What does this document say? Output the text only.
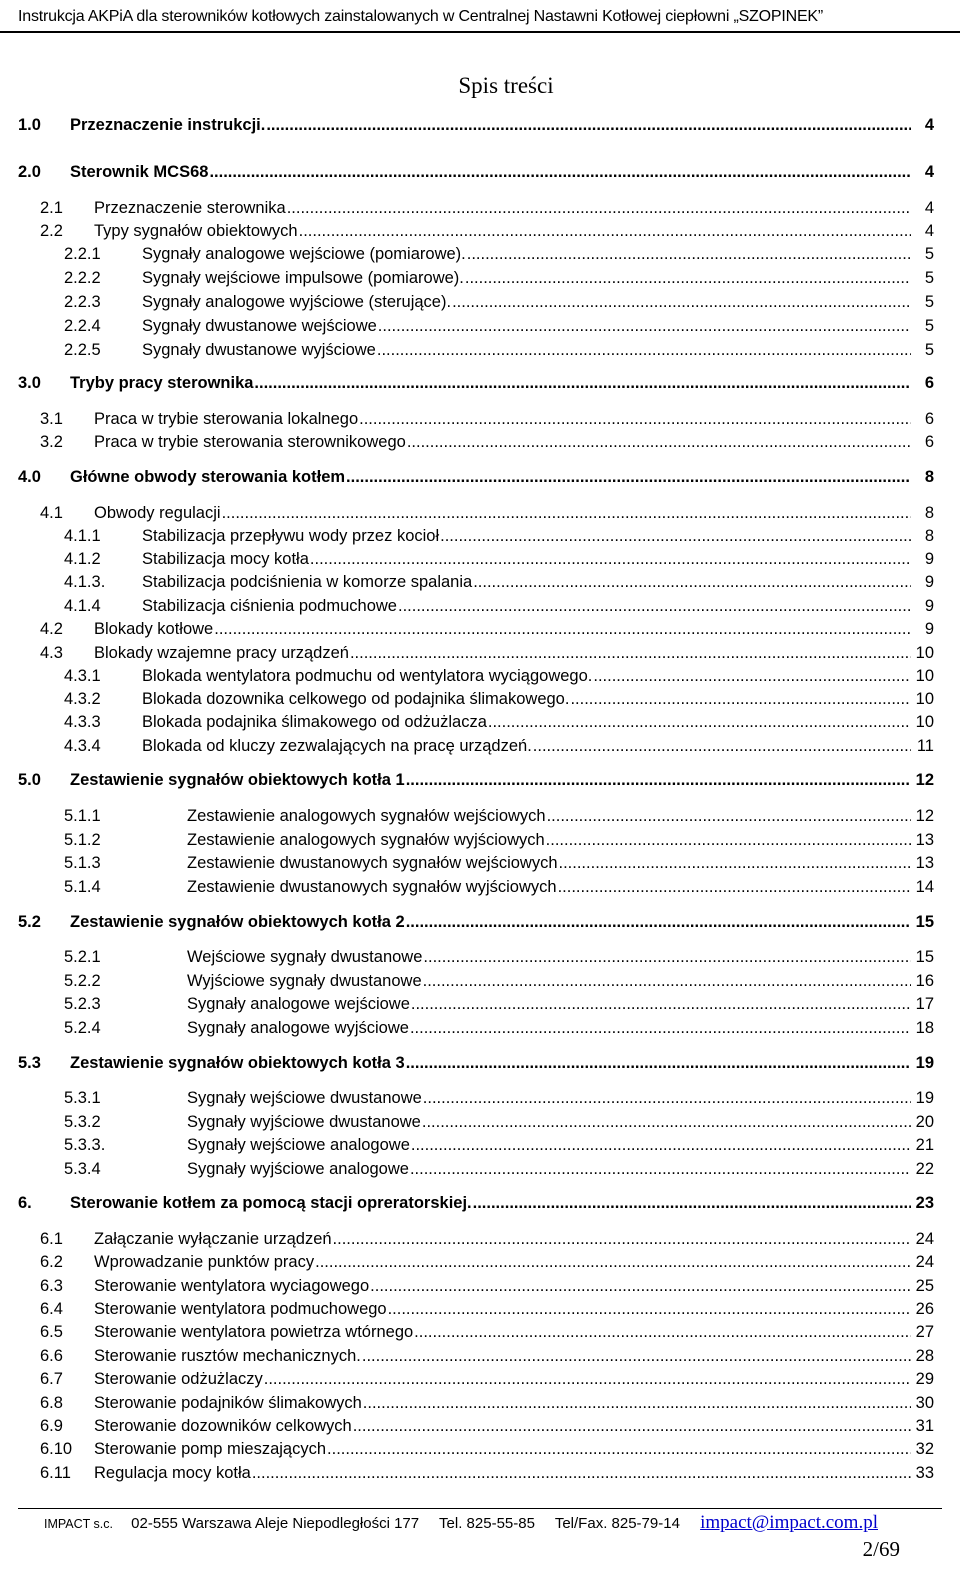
Instrukcja AKPiA dla sterowników kotłowych zainstalowanych w Centralnej Nastawni Kotłowej ciepłowni „SZOPINEK”
Spis treści
1.0	Przeznaczenie instrukcji. .....	4
2.0	Sterownik MCS68 .....	4
2.1	Przeznaczenie sterownika .....	4
2.2	Typy sygnałów obiektowych .....	4
2.2.1	Sygnały analogowe wejściowe (pomiarowe). .....	5
2.2.2	Sygnały wejściowe impulsowe (pomiarowe). .....	5
2.2.3	Sygnały analogowe wyjściowe (sterujące). .....	5
2.2.4	Sygnały dwustanowe wejściowe .....	5
2.2.5	Sygnały dwustanowe wyjściowe .....	5
3.0	Tryby pracy sterownika .....	6
3.1	Praca w trybie sterowania lokalnego .....	6
3.2	Praca w trybie sterowania sterownikowego .....	6
4.0	Główne obwody sterowania kotłem .....	8
4.1	Obwody regulacji .....	8
4.1.1	Stabilizacja przepływu wody przez kocioł .....	8
4.1.2	Stabilizacja mocy kotła .....	9
4.1.3.	Stabilizacja podciśnienia w komorze spalania .....	9
4.1.4	Stabilizacja ciśnienia podmuchowe .....	9
4.2	Blokady kotłowe .....	9
4.3	Blokady wzajemne pracy urządzeń .....	10
4.3.1	Blokada wentylatora podmuchu od wentylatora wyciągowego. .....	10
4.3.2	Blokada dozownika celkowego od podajnika ślimakowego. .....	10
4.3.3	Blokada podajnika ślimakowego od odżużlacza .....	10
4.3.4	Blokada od kluczy zezwalających na pracę urządzeń. .....	11
5.0	Zestawienie sygnałów obiektowych kotła 1 .....	12
5.1.1	Zestawienie analogowych sygnałów wejściowych .....	12
5.1.2	Zestawienie analogowych sygnałów wyjściowych .....	13
5.1.3	Zestawienie dwustanowych sygnałów wejściowych .....	13
5.1.4	Zestawienie dwustanowych sygnałów wyjściowych .....	14
5.2	Zestawienie sygnałów obiektowych kotła 2 .....	15
5.2.1	Wejściowe sygnały dwustanowe .....	15
5.2.2	Wyjściowe sygnały dwustanowe .....	16
5.2.3	Sygnały analogowe wejściowe .....	17
5.2.4	Sygnały analogowe wyjściowe .....	18
5.3	Zestawienie sygnałów obiektowych kotła 3 .....	19
5.3.1	Sygnały wejściowe dwustanowe .....	19
5.3.2	Sygnały wyjściowe dwustanowe .....	20
5.3.3.	Sygnały wejściowe analogowe .....	21
5.3.4	Sygnały wyjściowe analogowe .....	22
6.	Sterowanie kotłem za pomocą stacji opreratorskiej. .....	23
6.1	Załączanie wyłączanie urządzeń .....	24
6.2	Wprowadzanie punktów pracy .....	24
6.3	Sterowanie wentylatora wyciagowego .....	25
6.4	Sterowanie wentylatora podmuchowego .....	26
6.5	Sterowanie wentylatora powietrza wtórnego .....	27
6.6	Sterowanie rusztów mechanicznych. .....	28
6.7	Sterowanie odżużlaczy .....	29
6.8	Sterowanie podajników ślimakowych .....	30
6.9	Sterowanie dozowników celkowych .....	31
6.10	Sterowanie pomp mieszających .....	32
6.11	Regulacja mocy kotła .....	33
IMPACT s.c. 02-555 Warszawa Aleje Niepodległości 177 Tel. 825-55-85 Tel/Fax. 825-79-14 impact@impact.com.pl
2/69
